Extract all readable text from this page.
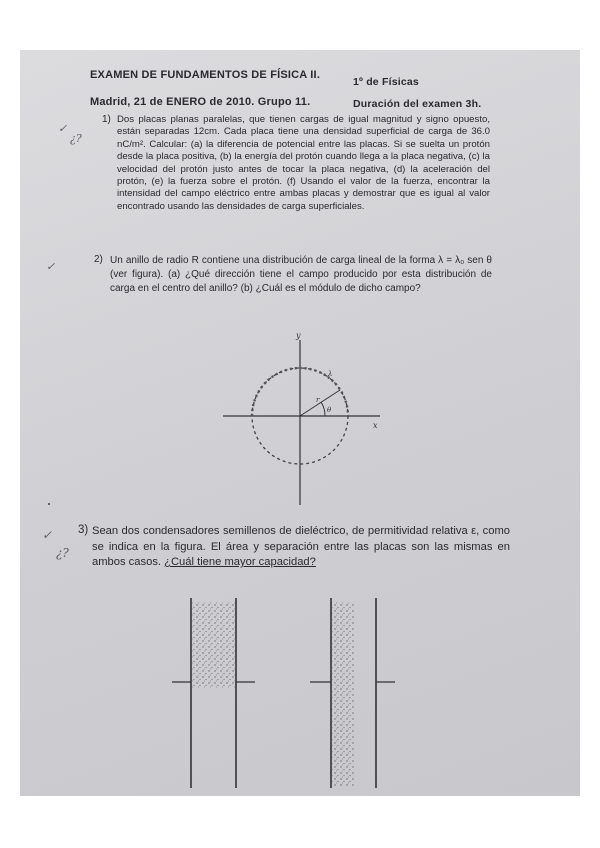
EXAMEN DE FUNDAMENTOS DE FÍSICA II.
1º de Físicas
Madrid, 21 de ENERO de 2010. Grupo 11.	Duración del examen 3h.
✓
¿?
1) Dos placas planas paralelas, que tienen cargas de igual magnitud y signo opuesto, están separadas 12cm. Cada placa tiene una densidad superficial de carga de 36.0 nC/m². Calcular: (a) la diferencia de potencial entre las placas. Si se suelta un protón desde la placa positiva, (b) la energía del protón cuando llega a la placa negativa, (c) la velocidad del protón justo antes de tocar la placa negativa, (d) la aceleración del protón, (e) la fuerza sobre el protón. (f) Usando el valor de la fuerza, encontrar la intensidad del campo eléctrico entre ambas placas y demostrar que es igual al valor encontrado usando las densidades de carga superficiales.
✓
2) Un anillo de radio R contiene una distribución de carga lineal de la forma λ = λ₀ sen θ (ver figura). (a) ¿Qué dirección tiene el campo producido por esta distribución de carga en el centro del anillo? (b) ¿Cuál es el módulo de dicho campo?
y
x
r
θ
λ
✓
¿?
3) Sean dos condensadores semillenos de dieléctrico, de permitividad relativa ε, como se indica en la figura. El área y separación entre las placas son las mismas en ambos casos. ¿Cuál tiene mayor capacidad?
